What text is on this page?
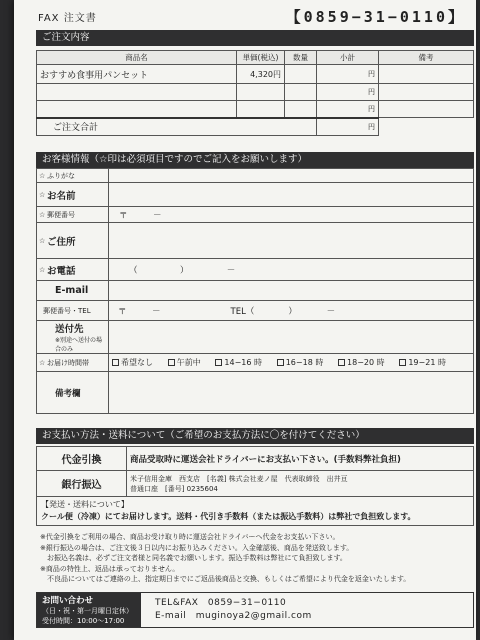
FAX 注文書	【0859−31−0110】
ご注文内容
商品名	単価(税込)	数量	小計	備考
おすすめ食事用パンセット	4,320円		円	
			円	
			円	
ご注文合計			円	
お客様情報（☆印は必須項目ですのでご記入をお願いします）
☆ ふりがな	

☆ お名前	

☆ 郵便番号	〒　　　－

☆ ご住所	

☆ お電話	（　　　　　）　　　　　－
E-mail	
郵便番号・TEL	〒　　　－ TEL（　　　　）　　　　－
送付先
※別途へ送付の場合のみ	

☆ お届け時間帯	希望なし 午前中 14−16 時 16−18 時 18−20 時 19−21 時
備考欄	
お支払い方法・送料について（ご希望のお支払方法に〇を付けてください）
代金引換	商品受取時に運送会社ドライバーにお支払い下さい。(手数料弊社負担)
銀行振込	米子信用金庫　西支店　[名義] 株式会社麦ノ屋　代表取締役　出井亘
普通口座　[番号] 0235604
【発送・送料について】
クール便（冷凍）にてお届けします。送料・代引き手数料（または振込手数料）は弊社で負担致します。	
※代金引換をご利用の場合、商品お受け取り時に運送会社ドライバーへ代金をお支払い下さい。
※銀行振込の場合は、ご注文後３日以内にお振り込みください。入金確認後、商品を発送致します。
　お振込名義は、必ずご注文者様と同名義でお願いします。振込手数料は弊社にて負担致します。
※商品の特性上、返品は承っておりません。
　不良品についてはご連絡の上、指定期日までにご返品後商品と交換、もしくはご希望により代金を返金いたします。
お問い合わせ
（日・祝・第一月曜日定休）
受付時間：10:00〜17:00
TEL&FAX　0859−31−0110
E-mail　muginoya2@gmail.com
